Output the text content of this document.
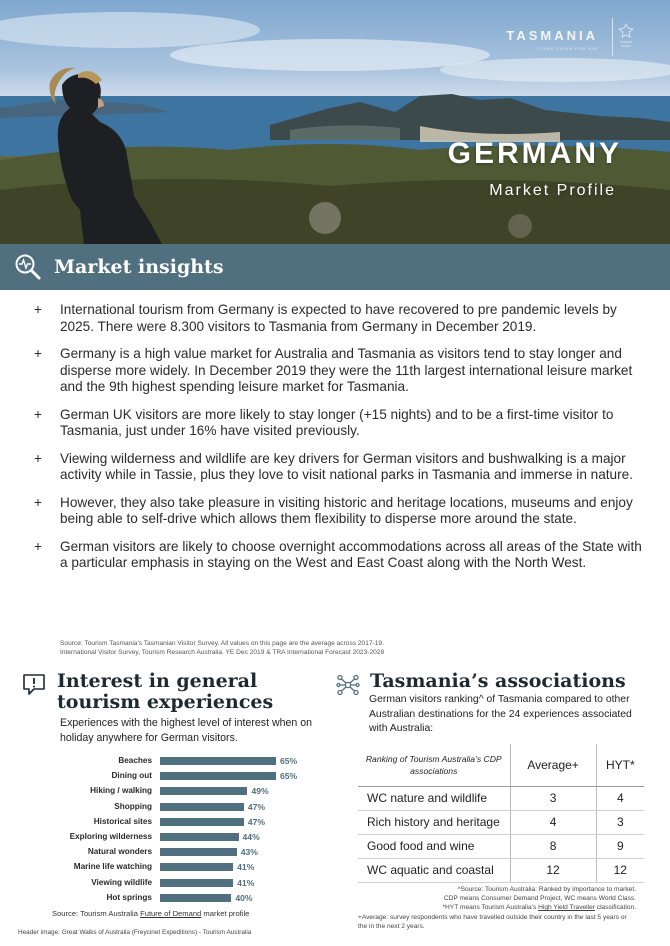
TASMANIA
COME DOWN FOR AIR
GERMANY
Market Profile
Market insights
+	International tourism from Germany is expected to have recovered to pre pandemic levels by 2025. There were 8.300 visitors to Tasmania from Germany in December 2019.
+	Germany is a high value market for Australia and Tasmania as visitors tend to stay longer and disperse more widely. In December 2019 they were the 11th largest international leisure market and the 9th highest spending leisure market for Tasmania.
+	German UK visitors are more likely to stay longer (+15 nights) and to be a first-time visitor to Tasmania, just under 16% have visited previously.
+	Viewing wilderness and wildlife are key drivers for German visitors and bushwalking is a major activity while in Tassie, plus they love to visit national parks in Tasmania and immerse in nature.
+	However, they also take pleasure in visiting historic and heritage locations, museums and enjoy being able to self-drive which allows them flexibility to disperse more around the state.
+	German visitors are likely to choose overnight accommodations across all areas of the State with a particular emphasis in staying on the West and East Coast along with the North West.
Source: Tourism Tasmania's Tasmanian Visitor Survey. All values on this page are the average across 2017-19.
International Visitor Survey, Tourism Research Australia. YE Dec 2019 & TRA International Forecast 2023-2028
Interest in general
tourism experiences
Experiences with the highest level of interest when on holiday anywhere for German visitors.
Beaches	65%
Dining out	65%
Hiking / walking	49%
Shopping	47%
Historical sites	47%
Exploring wilderness	44%
Natural wonders	43%
Marine life watching	41%
Viewing wildlife	41%
Hot springs	40%
Source: Tourism Australia Future of Demand market profile
Header image: Great Walks of Australia (Freycinet Expeditions) - Tourism Australia
Tasmania’s associations
German visitors ranking^ of Tasmania compared to other Australian destinations for the 24 experiences associated with Australia:
Ranking of Tourism Australia’s CDP associations	Average+	HYT*
WC nature and wildlife	3	4
Rich history and heritage	4	3
Good food and wine	8	9
WC aquatic and coastal	12	12
^Source: Tourism Australia: Ranked by importance to market.
CDP means Consumer Demand Project, WC means World Class.
*HYT means Tourism Australia’s High Yield Traveller classification.
+Average: survey respondents who have travelled outside their country in the last 5 years or the in the next 2 years.
